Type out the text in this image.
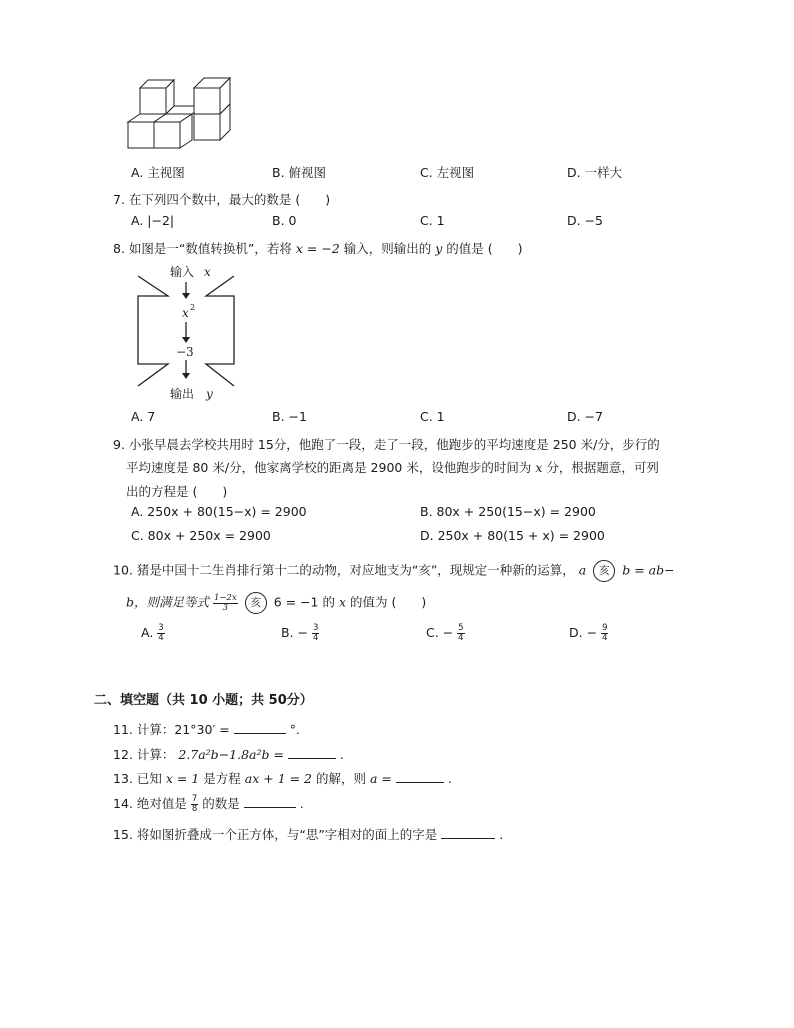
A. 主视图	B. 俯视图	C. 左视图	D. 一样大
7. 在下列四个数中，最大的数是 (　　)
A. |−2|	B. 0	C. 1	D. −5
8. 如图是一“数值转换机”，若将 x = −2 输入，则输出的 y 的值是 (　　)
输入 x
x 2
−3
输出 y
A. 7	B. −1	C. 1	D. −7
9. 小张早晨去学校共用时 15分，他跑了一段，走了一段，他跑步的平均速度是 250 米/分，步行的
平均速度是 80 米/分，他家离学校的距离是 2900 米，设他跑步的时间为 x 分，根据题意，可列
出的方程是 (　　)
A. 250x + 80(15−x) = 2900	B. 80x + 250(15−x) = 2900
C. 80x + 250x = 2900	D. 250x + 80(15 + x) = 2900
10. 猪是中国十二生肖排行第十二的动物，对应地支为“亥”，现规定一种新的运算， a 亥 b = ab−
b，则满足等式 $\frac{1-2x}{3}$ 亥 6 = −1 的 x 的值为 (　　)
A. $\frac{3}{4}$	B. − $\frac{3}{4}$	C. − $\frac{5}{4}$	D. − $\frac{9}{4}$
二、填空题（共 10 小题；共 50分）
11. 计算：21°30′ =	°.
12. 计算： 2.7a²b−1.8a²b =	.
13. 已知 x = 1 是方程 ax + 1 = 2 的解，则 a =	.
14. 绝对值是 $\frac{7}{8}$ 的数是	.
15. 将如图折叠成一个正方体，与“思”字相对的面上的字是	.
